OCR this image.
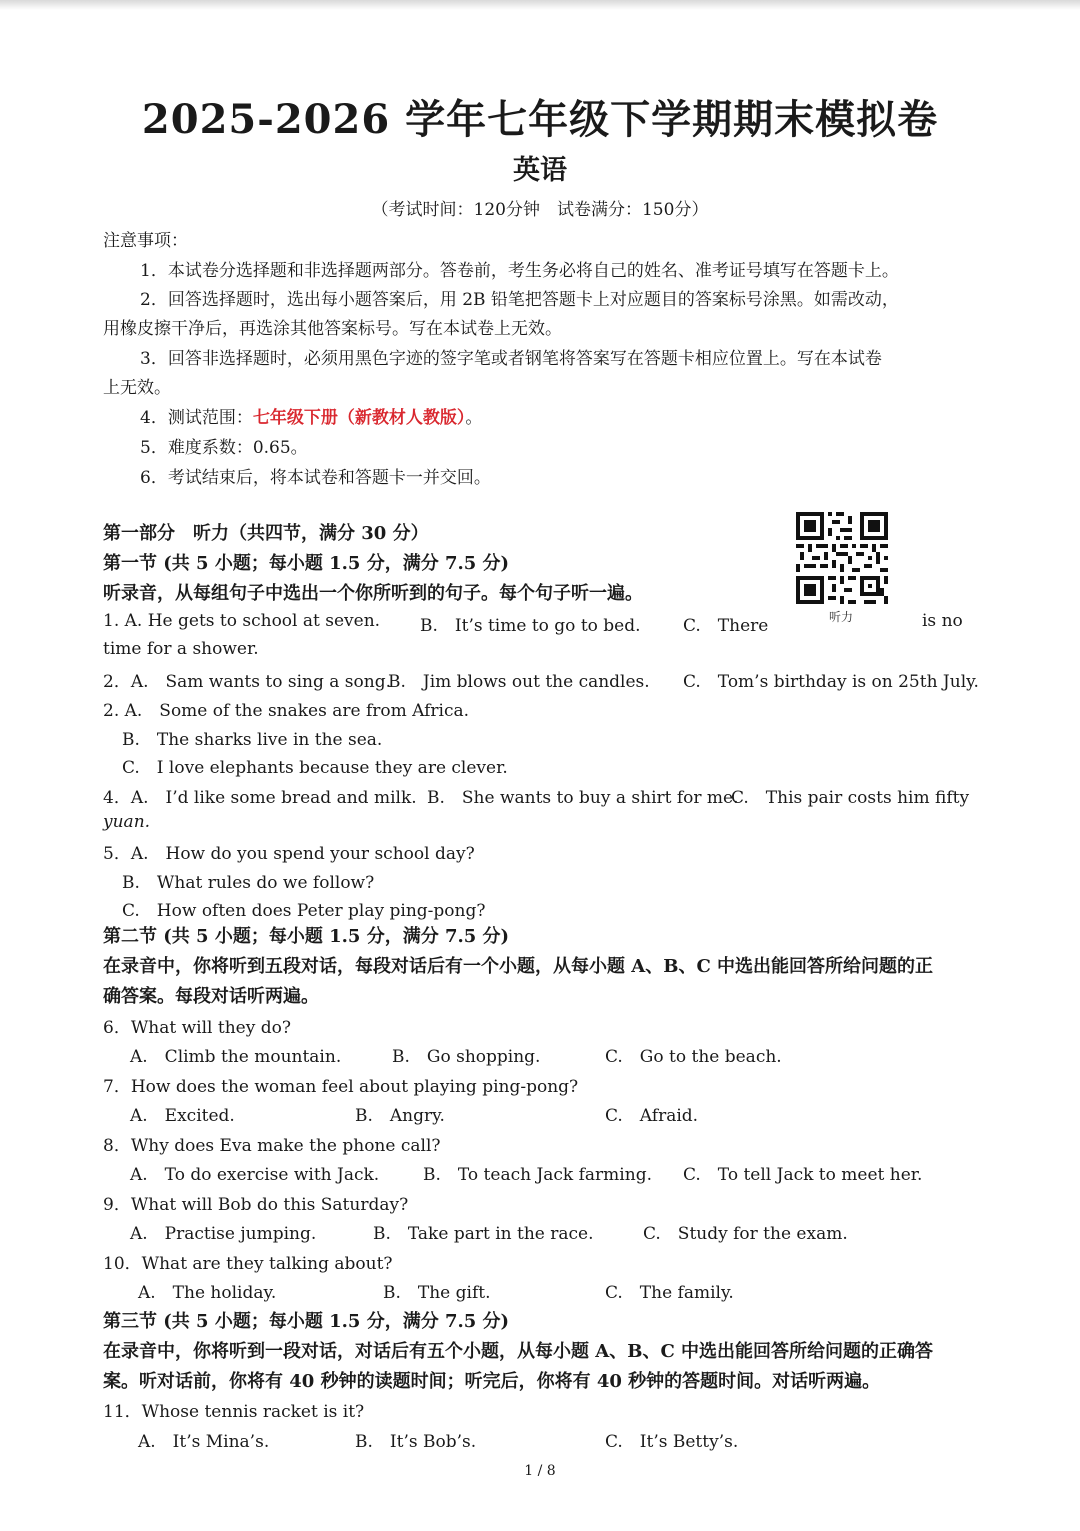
2025-2026 学年七年级下学期期末模拟卷
英语
（考试时间：120分钟　试卷满分：150分）
注意事项：
1．本试卷分选择题和非选择题两部分。答卷前，考生务必将自己的姓名、准考证号填写在答题卡上。
2．回答选择题时，选出每小题答案后，用 2B 铅笔把答题卡上对应题目的答案标号涂黑。如需改动，
用橡皮擦干净后，再选涂其他答案标号。写在本试卷上无效。
3．回答非选择题时，必须用黑色字迹的签字笔或者钢笔将答案写在答题卡相应位置上。写在本试卷
上无效。
4．测试范围：七年级下册（新教材人教版）。
5．难度系数：0.65。
6．考试结束后，将本试卷和答题卡一并交回。
第一部分　听力（共四节，满分 30 分）
第一节 (共 5 小题；每小题 1.5 分，满分 7.5 分)
听录音，从每组句子中选出一个你所听到的句子。每个句子听一遍。
听力
1. A. He gets to school at seven. B.　It’s time to go to bed. C.　There	is no
time for a shower.
2．A.　Sam wants to sing a song.
B.　Jim blows out the candles. C.　Tom’s birthday is on 25th July.
2. A.　Some of the snakes are from Africa.
B.　The sharks live in the sea.
C.　I love elephants because they are clever.
4．A.　I’d like some bread and milk. B.　She wants to buy a shirt for me.
C.　This pair costs him fifty
yuan.
5．A.　How do you spend your school day?
B.　What rules do we follow?
C.　How often does Peter play ping-pong?
第二节 (共 5 小题；每小题 1.5 分，满分 7.5 分)
在录音中，你将听到五段对话，每段对话后有一个小题，从每小题 A、B、C 中选出能回答所给问题的正
确答案。每段对话听两遍。
6．What will they do?
A.　Climb the mountain.	B.　Go shopping.	C.　Go to the beach.
7．How does the woman feel about playing ping-pong?
A.　Excited.	B.　Angry.	C.　Afraid.
8．Why does Eva make the phone call?
A.　To do exercise with Jack.	B.　To teach Jack farming. C.　To tell Jack to meet her.
9．What will Bob do this Saturday?
A.　Practise jumping.	B.　Take part in the race.	C.　Study for the exam.
10．What are they talking about?
A.　The holiday.	B.　The gift.	C.　The family.
第三节 (共 5 小题；每小题 1.5 分，满分 7.5 分)
在录音中，你将听到一段对话，对话后有五个小题，从每小题 A、B、C 中选出能回答所给问题的正确答
案。听对话前，你将有 40 秒钟的读题时间；听完后，你将有 40 秒钟的答题时间。对话听两遍。
11．Whose tennis racket is it?
A.　It’s Mina’s.	B.　It’s Bob’s.	C.　It’s Betty’s.
1 / 8
